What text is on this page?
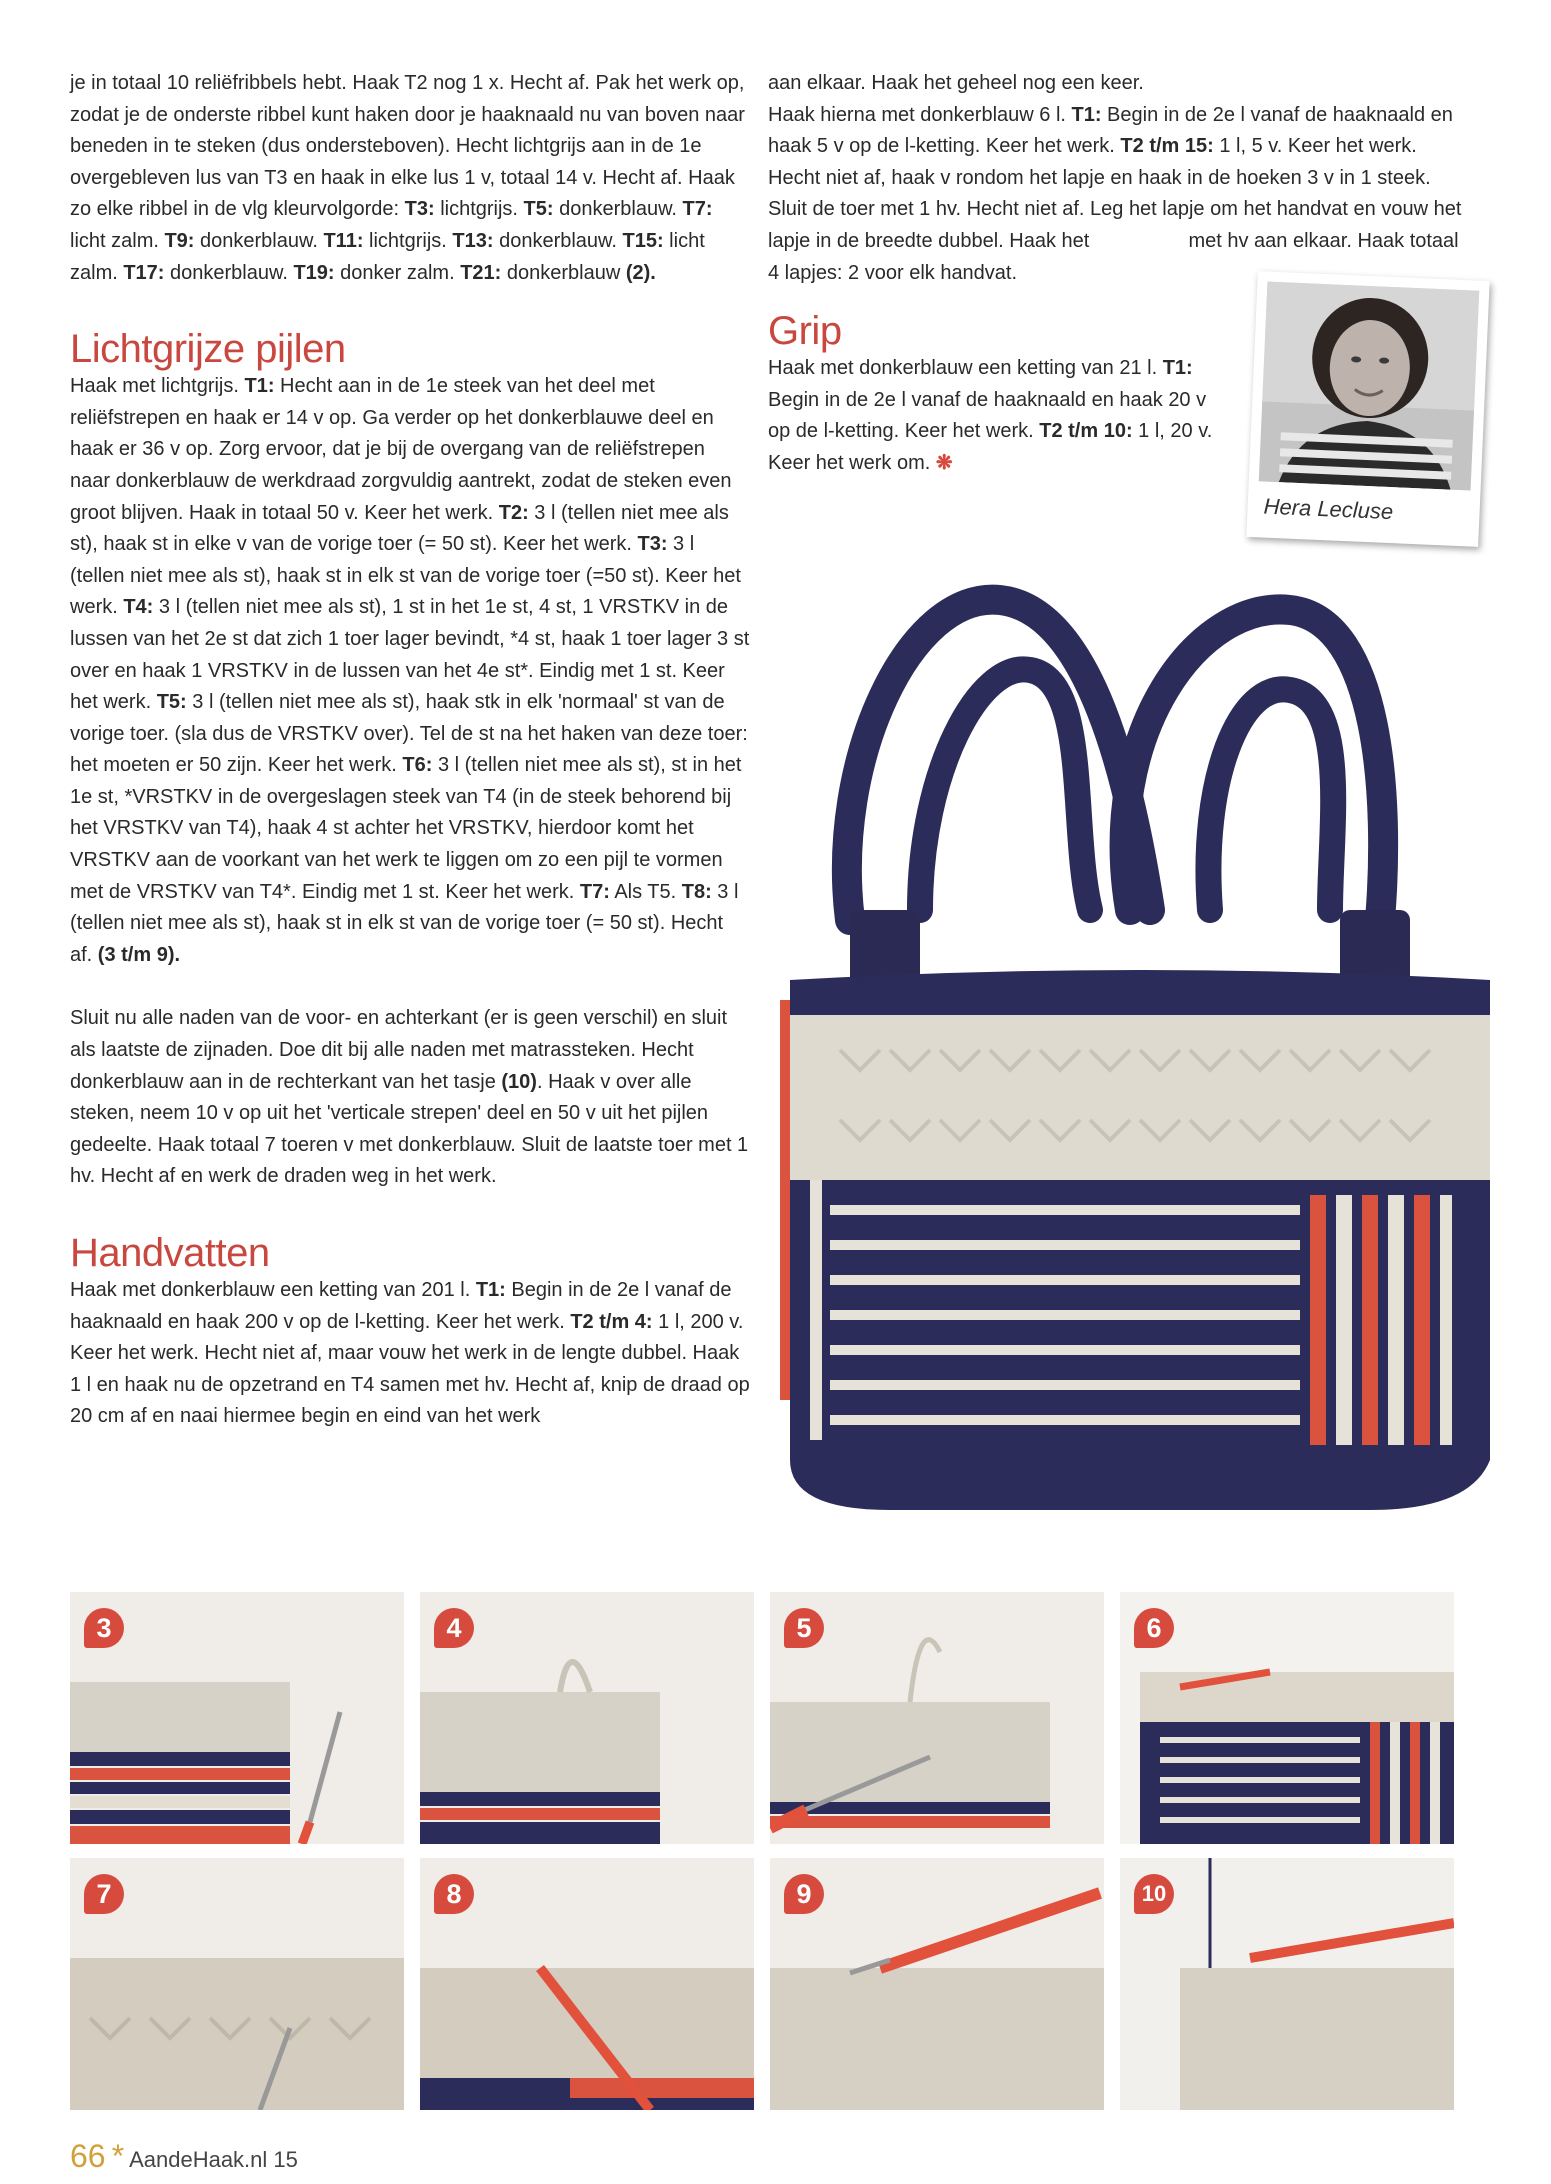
je in totaal 10 reliëfribbels hebt. Haak T2 nog 1 x. Hecht af. Pak het werk op, zodat je de onderste ribbel kunt haken door je haaknaald nu van boven naar beneden in te steken (dus ondersteboven). Hecht lichtgrijs aan in de 1e overgebleven lus van T3 en haak in elke lus 1 v, totaal 14 v. Hecht af. Haak zo elke ribbel in de vlg kleurvolgorde: T3: lichtgrijs. T5: donkerblauw. T7: licht zalm. T9: donkerblauw. T11: lichtgrijs. T13: donkerblauw. T15: licht zalm. T17: donkerblauw. T19: donker zalm. T21: donkerblauw (2).

Lichtgrijze pijlen

Haak met lichtgrijs. T1: Hecht aan in de 1e steek van het deel met reliëfstrepen en haak er 14 v op. Ga verder op het donkerblauwe deel en haak er 36 v op. Zorg ervoor, dat je bij de overgang van de reliëfstrepen naar donkerblauw de werkdraad zorgvuldig aantrekt, zodat de steken even groot blijven. Haak in totaal 50 v. Keer het werk. T2: 3 l (tellen niet mee als st), haak st in elke v van de vorige toer (= 50 st). Keer het werk. T3: 3 l (tellen niet mee als st), haak st in elk st van de vorige toer (=50 st). Keer het werk. T4: 3 l (tellen niet mee als st), 1 st in het 1e st, 4 st, 1 VRSTKV in de lussen van het 2e st dat zich 1 toer lager bevindt, *4 st, haak 1 toer lager 3 st over en haak 1 VRSTKV in de lussen van het 4e st*. Eindig met 1 st. Keer het werk. T5: 3 l (tellen niet mee als st), haak stk in elk 'normaal' st van de vorige toer. (sla dus de VRSTKV over). Tel de st na het haken van deze toer: het moeten er 50 zijn. Keer het werk. T6: 3 l (tellen niet mee als st), st in het 1e st, *VRSTKV in de overgeslagen steek van T4 (in de steek behorend bij het VRSTKV van T4), haak 4 st achter het VRSTKV, hierdoor komt het VRSTKV aan de voorkant van het werk te liggen om zo een pijl te vormen met de VRSTKV van T4*. Eindig met 1 st. Keer het werk. T7: Als T5. T8: 3 l (tellen niet mee als st), haak st in elk st van de vorige toer (= 50 st). Hecht af. (3 t/m 9).

Sluit nu alle naden van de voor- en achterkant (er is geen verschil) en sluit als laatste de zijnaden. Doe dit bij alle naden met matrassteken. Hecht donkerblauw aan in de rechterkant van het tasje (10). Haak v over alle steken, neem 10 v op uit het 'verticale strepen' deel en 50 v uit het pijlen gedeelte. Haak totaal 7 toeren v met donkerblauw. Sluit de laatste toer met 1 hv. Hecht af en werk de draden weg in het werk.

Handvatten

Haak met donkerblauw een ketting van 201 l. T1: Begin in de 2e l vanaf de haaknaald en haak 200 v op de l-ketting. Keer het werk. T2 t/m 4: 1 l, 200 v. Keer het werk. Hecht niet af, maar vouw het werk in de lengte dubbel. Haak 1 l en haak nu de opzetrand en T4 samen met hv. Hecht af, knip de draad op 20 cm af en naai hiermee begin en eind van het werk

aan elkaar. Haak het geheel nog een keer.
Haak hierna met donkerblauw 6 l. T1: Begin in de 2e l vanaf de haaknaald en haak 5 v op de l-ketting. Keer het werk. T2 t/m 15: 1 l, 5 v. Keer het werk. Hecht niet af, haak v rondom het lapje en haak in de hoeken 3 v in 1 steek. Sluit de toer met 1 hv. Hecht niet af. Leg het lapje om het handvat en vouw het lapje in de breedte dubbel. Haak het	met hv aan elkaar. Haak totaal 4 lapjes: 2 voor elk handvat.

Grip

Haak met donkerblauw een ketting van 21 l. T1: Begin in de 2e l vanaf de haaknaald en haak 20 v op de l-ketting. Keer het werk. T2 t/m 10: 1 l, 20 v. Keer het werk om. ❋

Hera Lecluse
3	4	5	6
7	8	9	10
66 * AandeHaak.nl 15
